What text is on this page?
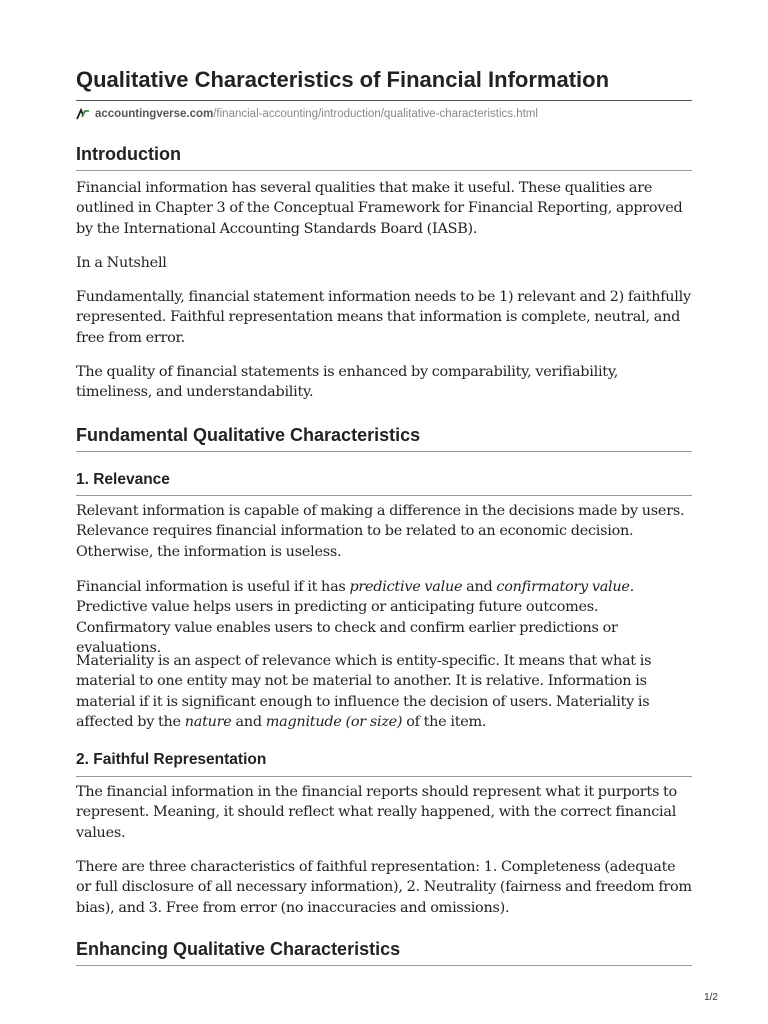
Qualitative Characteristics of Financial Information
accountingverse.com /financial-accounting/introduction/qualitative-characteristics.html
Introduction

Financial information has several qualities that make it useful. These qualities are outlined in Chapter 3 of the Conceptual Framework for Financial Reporting, approved by the International Accounting Standards Board (IASB).

In a Nutshell

Fundamentally, financial statement information needs to be 1) relevant and 2) faithfully represented. Faithful representation means that information is complete, neutral, and free from error.

The quality of financial statements is enhanced by comparability, verifiability, timeliness, and understandability.

Fundamental Qualitative Characteristics
1. Relevance

Relevant information is capable of making a difference in the decisions made by users. Relevance requires financial information to be related to an economic decision. Otherwise, the information is useless.

Financial information is useful if it has predictive value and confirmatory value. Predictive value helps users in predicting or anticipating future outcomes. Confirmatory value enables users to check and confirm earlier predictions or evaluations.

Materiality is an aspect of relevance which is entity-specific. It means that what is material to one entity may not be material to another. It is relative. Information is material if it is significant enough to influence the decision of users. Materiality is affected by the nature and magnitude (or size) of the item.

2. Faithful Representation

The financial information in the financial reports should represent what it purports to represent. Meaning, it should reflect what really happened, with the correct financial values.

There are three characteristics of faithful representation: 1. Completeness (adequate or full disclosure of all necessary information), 2. Neutrality (fairness and freedom from bias), and 3. Free from error (no inaccuracies and omissions).

Enhancing Qualitative Characteristics
1/2
